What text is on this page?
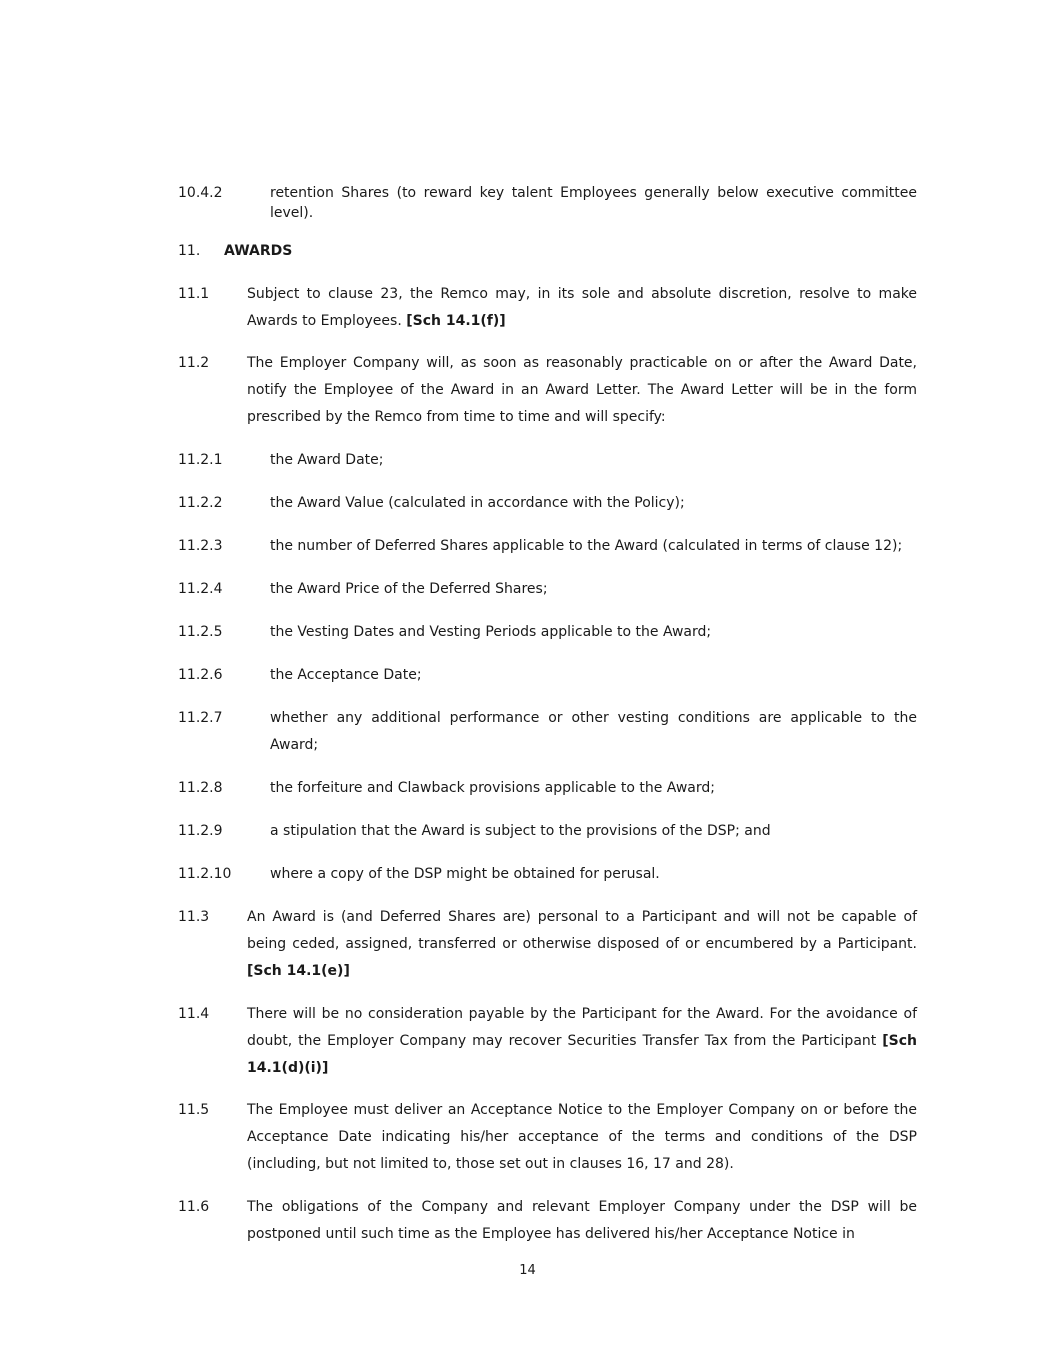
10.4.2	retention Shares (to reward key talent Employees generally below executive committee level).
11. AWARDS
11.1	Subject to clause 23, the Remco may, in its sole and absolute discretion, resolve to make Awards to Employees. [Sch 14.1(f)]
11.2	The Employer Company will, as soon as reasonably practicable on or after the Award Date, notify the Employee of the Award in an Award Letter. The Award Letter will be in the form prescribed by the Remco from time to time and will specify:
11.2.1	the Award Date;
11.2.2	the Award Value (calculated in accordance with the Policy);
11.2.3	the number of Deferred Shares applicable to the Award (calculated in terms of clause 12);
11.2.4	the Award Price of the Deferred Shares;
11.2.5	the Vesting Dates and Vesting Periods applicable to the Award;
11.2.6	the Acceptance Date;
11.2.7	whether any additional performance or other vesting conditions are applicable to the Award;
11.2.8	the forfeiture and Clawback provisions applicable to the Award;
11.2.9	a stipulation that the Award is subject to the provisions of the DSP; and
11.2.10	where a copy of the DSP might be obtained for perusal.
11.3	An Award is (and Deferred Shares are) personal to a Participant and will not be capable of being ceded, assigned, transferred or otherwise disposed of or encumbered by a Participant. [Sch 14.1(e)]
11.4	There will be no consideration payable by the Participant for the Award. For the avoidance of doubt, the Employer Company may recover Securities Transfer Tax from the Participant [Sch 14.1(d)(i)]
11.5	The Employee must deliver an Acceptance Notice to the Employer Company on or before the Acceptance Date indicating his/her acceptance of the terms and conditions of the DSP (including, but not limited to, those set out in clauses 16, 17 and 28).
11.6	The obligations of the Company and relevant Employer Company under the DSP will be postponed until such time as the Employee has delivered his/her Acceptance Notice in
14
